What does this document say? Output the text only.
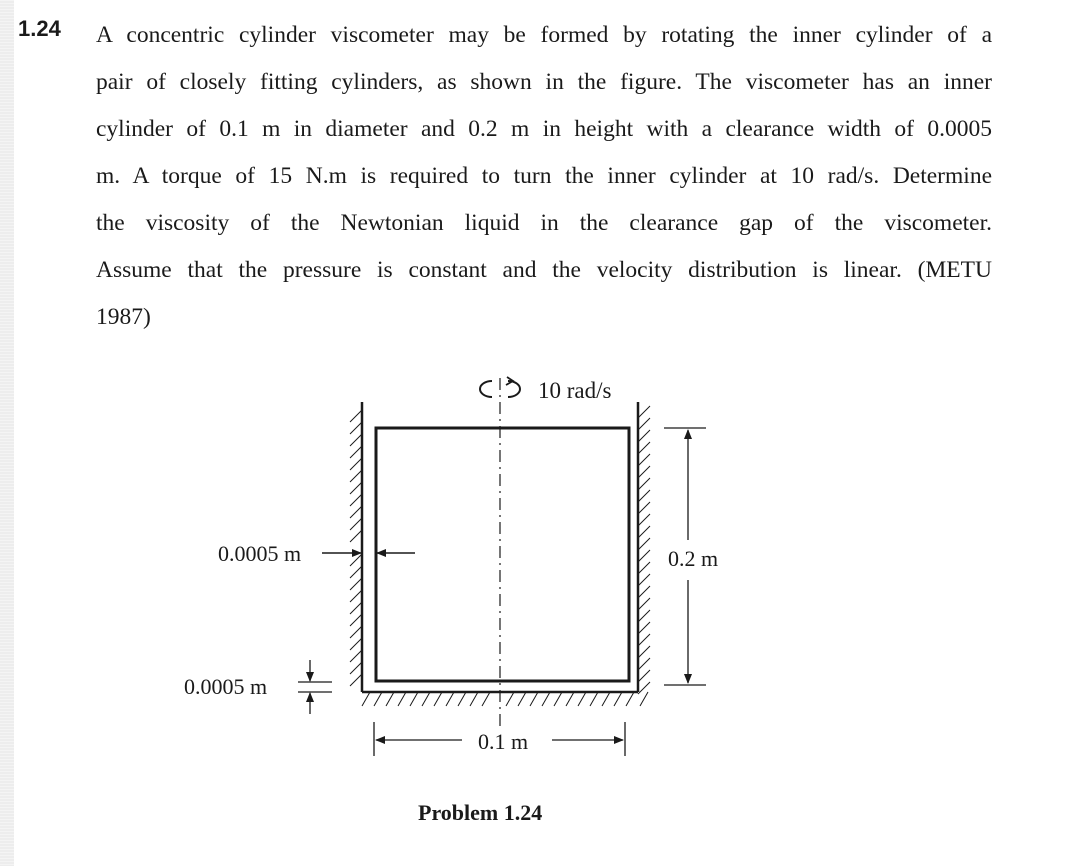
1.24 A concentric cylinder viscometer may be formed by rotating the inner cylinder of a
pair of closely fitting cylinders, as shown in the figure. The viscometer has an inner
cylinder of 0.1 m in diameter and 0.2 m in height with a clearance width of 0.0005
m. A torque of 15 N.m is required to turn the inner cylinder at 10 rad/s. Determine
the viscosity of the Newtonian liquid in the clearance gap of the viscometer.
Assume that the pressure is constant and the velocity distribution is linear. (METU
1987)
10 rad/s
0.0005 m
0.0005 m
0.2 m
0.1 m
Problem 1.24
